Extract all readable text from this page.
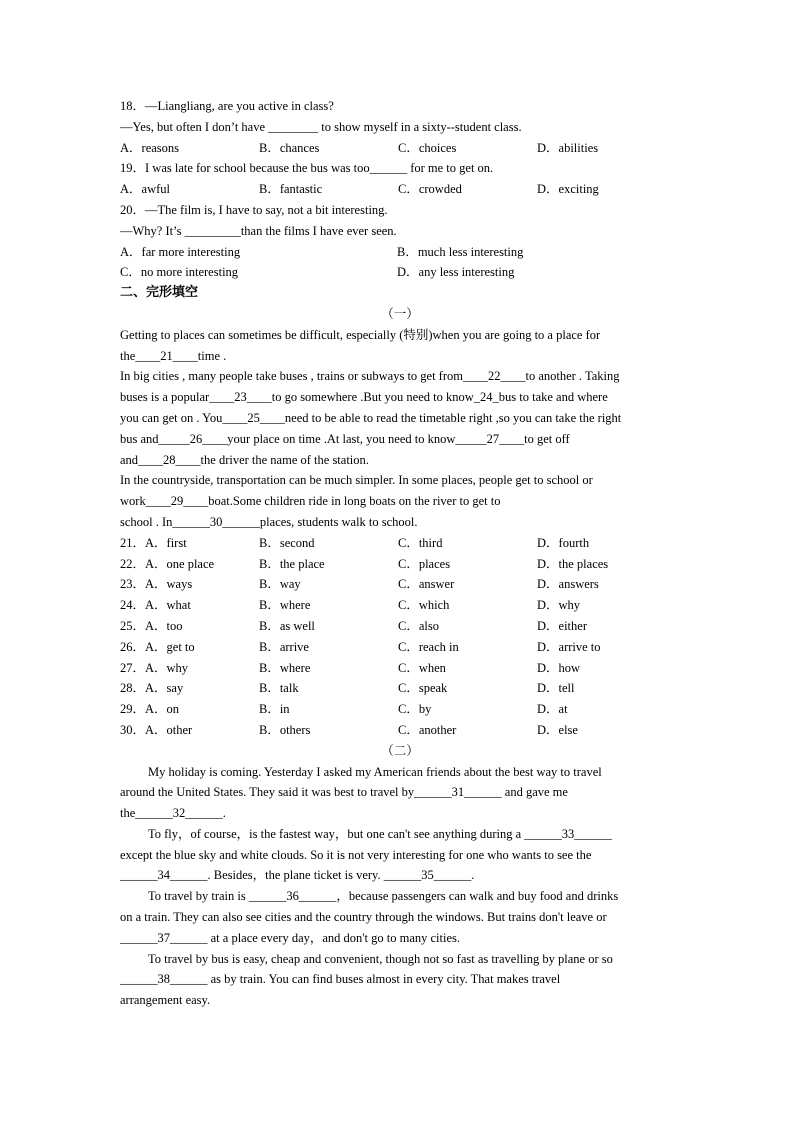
18．—Liangliang, are you active in class?
—Yes, but often I don’t have ________ to show myself in a sixty--student class.
A．reasons	B．chances	C．choices	D．abilities
19．I was late for school because the bus was too______ for me to get on.
A．awful	B．fantastic	C．crowded	D．exciting
20．—The film is, I have to say, not a bit interesting.
—Why? It’s _________than the films I have ever seen.
A．far more interesting	B．much less interesting
C．no more interesting	D．any less interesting
二、完形填空
（一）
Getting to places can sometimes be difficult, especially (特别)when you are going to a place for
the____21____time .
In big cities , many people take buses , trains or subways to get from____22____to another . Taking
buses is a popular____23____to go somewhere .But you need to know_24_bus to take and where
you can get on . You____25____need to be able to read the timetable right ,so you can take the right
bus and_____26____your place on time .At last, you need to know_____27____to get off
and____28____the driver the name of the station.
In the countryside, transportation can be much simpler. In some places, people get to school or
work____29____boat.Some children ride in long boats on the river to get to
school . In______30______places, students walk to school.
21．A．first	B．second	C．third	D．fourth
22．A．one place	B．the place	C．places	D．the places
23．A．ways	B．way	C．answer	D．answers
24．A．what	B．where	C．which	D．why
25．A．too	B．as well	C．also	D．either
26．A．get to	B．arrive	C．reach in	D．arrive to
27．A．why	B．where	C．when	D．how
28．A．say	B．talk	C．speak	D．tell
29．A．on	B．in	C．by	D．at
30．A．other	B．others	C．another	D．else
（二）
My holiday is coming. Yesterday I asked my American friends about the best way to travel
around the United States. They said it was best to travel by______31______ and gave me
the______32______.
To fly，of course，is the fastest way，but one can't see anything during a ______33______
except the blue sky and white clouds. So it is not very interesting for one who wants to see the
______34______. Besides，the plane ticket is very. ______35______.
To travel by train is ______36______，because passengers can walk and buy food and drinks
on a train. They can also see cities and the country through the windows. But trains don't leave or
______37______ at a place every day，and don't go to many cities.
To travel by bus is easy, cheap and convenient, though not so fast as travelling by plane or so
______38______ as by train. You can find buses almost in every city. That makes travel
arrangement easy.
